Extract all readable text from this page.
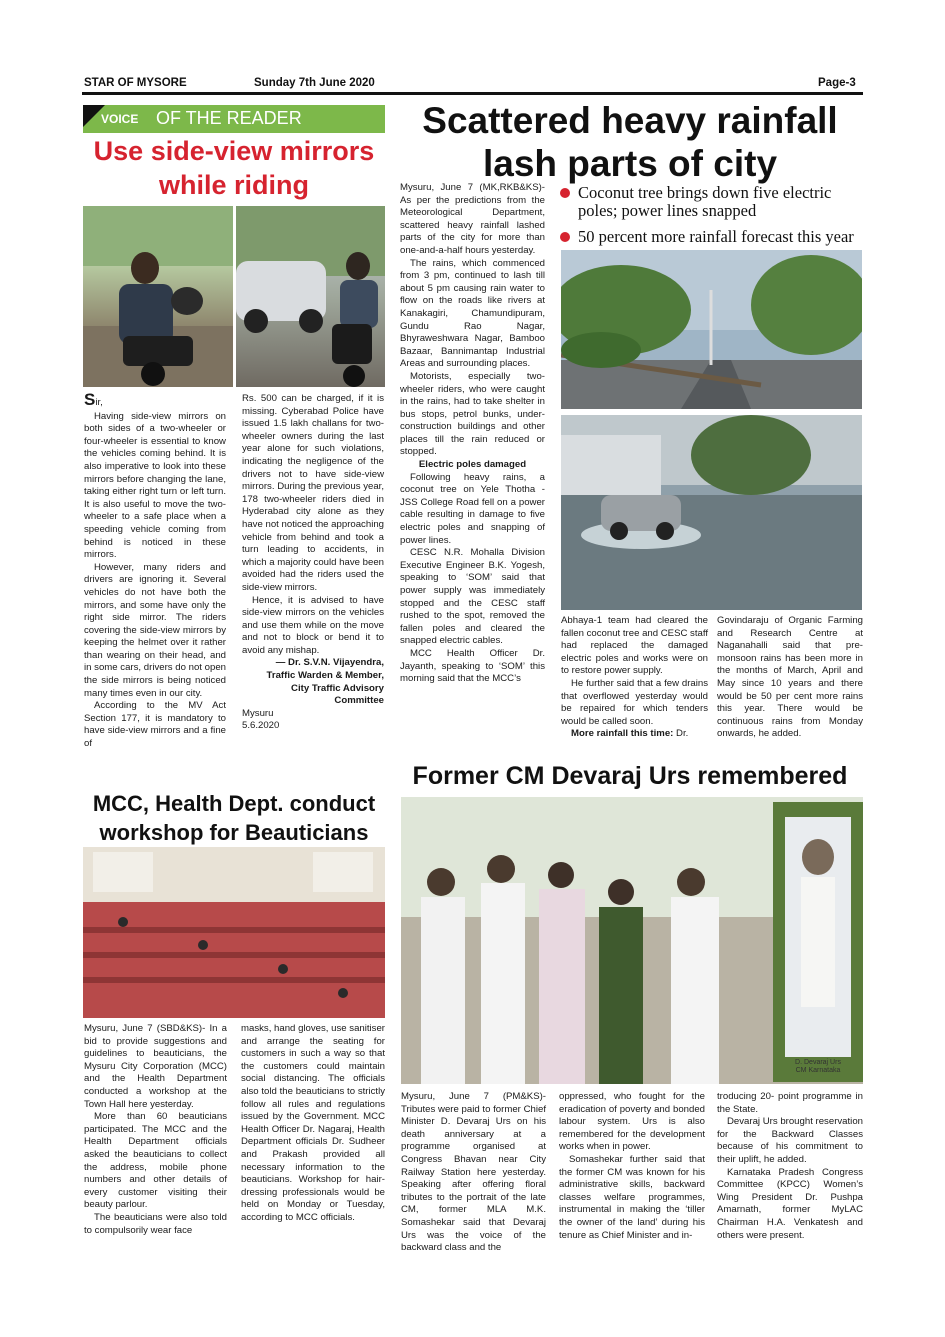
STAR OF MYSORE	Sunday 7th June 2020	Page-3
VOICE OF THE READER
Use side-view mirrors
while riding

Sir,

Having side-view mirrors on both sides of a two-wheeler or four-wheeler is essential to know the vehicles coming behind. It is also imperative to look into these mirrors before changing the lane, taking either right turn or left turn. It is also useful to move the two-wheeler to a safe place when a speeding vehicle coming from behind is noticed in these mirrors.

However, many riders and drivers are ignoring it. Several vehicles do not have both the mirrors, and some have only the right side mirror. The riders covering the side-view mirrors by keeping the helmet over it rather than wearing on their head, and in some cars, drivers do not open the side mirrors is being noticed many times even in our city.

According to the MV Act Section 177, it is mandatory to have side-view mirrors and a fine of

Rs. 500 can be charged, if it is missing. Cyberabad Police have issued 1.5 lakh challans for two-wheeler owners during the last year alone for such violations, indicating the negligence of the drivers not to have side-view mirrors. During the previous year, 178 two-wheeler riders died in Hyderabad city alone as they have not noticed the approaching vehicle from behind and took a turn leading to accidents, in which a majority could have been avoided had the riders used the side-view mirrors.

Hence, it is advised to have side-view mirrors on the vehicles and use them while on the move and not to block or bend it to avoid any mishap.

— Dr. S.V.N. Vijayendra,
Traffic Warden & Member,
City Traffic Advisory
Committee
Mysuru
5.6.2020
Scattered heavy rainfall
lash parts of city

Mysuru, June 7 (MK,RKB&KS)- As per the predictions from the Meteorological Department, scattered heavy rainfall lashed parts of the city for more than one-and-a-half hours yesterday.

The rains, which commenced from 3 pm, continued to lash till about 5 pm causing rain water to flow on the roads like rivers at Kanakagiri, Chamundipuram, Gundu Rao Nagar, Bhyraweshwara Nagar, Bamboo Bazaar, Bannimantap Industrial Areas and surrounding places.

Motorists, especially two-wheeler riders, who were caught in the rains, had to take shelter in bus stops, petrol bunks, under-construction buildings and other places till the rain reduced or stopped.

Electric poles damaged

Following heavy rains, a coconut tree on Yele Thotha - JSS College Road fell on a power cable resulting in damage to five electric poles and snapping of power lines.

CESC N.R. Mohalla Division Executive Engineer B.K. Yogesh, speaking to ‘SOM’ said that power supply was immediately stopped and the CESC staff rushed to the spot, removed the fallen poles and cleared the snapped electric cables.

MCC Health Officer Dr. Jayanth, speaking to ‘SOM’ this morning said that the MCC’s

Coconut tree brings down five electric poles; power lines snapped
50 percent more rainfall forecast this year

Abhaya-1 team had cleared the fallen coconut tree and CESC staff had replaced the damaged electric poles and works were on to restore power supply.

He further said that a few drains that overflowed yesterday would be repaired for which tenders would be called soon.

More rainfall this time: Dr.

Govindaraju of Organic Farming and Research Centre at Naganahalli said that pre-monsoon rains has been more in the months of March, April and May since 10 years and there would be 50 per cent more rains this year. There would be continuous rains from Monday onwards, he added.

MCC, Health Dept. conduct
workshop for Beauticians

Mysuru, June 7 (SBD&KS)- In a bid to provide suggestions and guidelines to beauticians, the Mysuru City Corporation (MCC) and the Health Department conducted a workshop at the Town Hall here yesterday.

More than 60 beauticians participated. The MCC and the Health Department officials asked the beauticians to collect the address, mobile phone numbers and other details of every customer visiting their beauty parlour.

The beauticians were also told to compulsorily wear face

masks, hand gloves, use sanitiser and arrange the seating for customers in such a way so that the customers could maintain social distancing. The officials also told the beauticians to strictly follow all rules and regulations issued by the Government. MCC Health Officer Dr. Nagaraj, Health Department officials Dr. Sudheer and Prakash provided all necessary information to the beauticians. Workshop for hair-dressing professionals would be held on Monday or Tuesday, according to MCC officials.

Former CM Devaraj Urs remembered
D. Devaraj Urs
CM Karnataka

Mysuru, June 7 (PM&KS)- Tributes were paid to former Chief Minister D. Devaraj Urs on his death anniversary at a programme organised at Congress Bhavan near City Railway Station here yesterday. Speaking after offering floral tributes to the portrait of the late CM, former MLA M.K. Somashekar said that Devaraj Urs was the voice of the backward class and the

oppressed, who fought for the eradication of poverty and bonded labour system. Urs is also remembered for the development works when in power.

Somashekar further said that the former CM was known for his administrative skills, backward classes welfare programmes, instrumental in making the ‘tiller the owner of the land’ during his tenure as Chief Minister and in-

troducing 20- point programme in the State.

Devaraj Urs brought reservation for the Backward Classes because of his commitment to their uplift, he added.

Karnataka Pradesh Congress Committee (KPCC) Women’s Wing President Dr. Pushpa Amarnath, former MyLAC Chairman H.A. Venkatesh and others were present.
